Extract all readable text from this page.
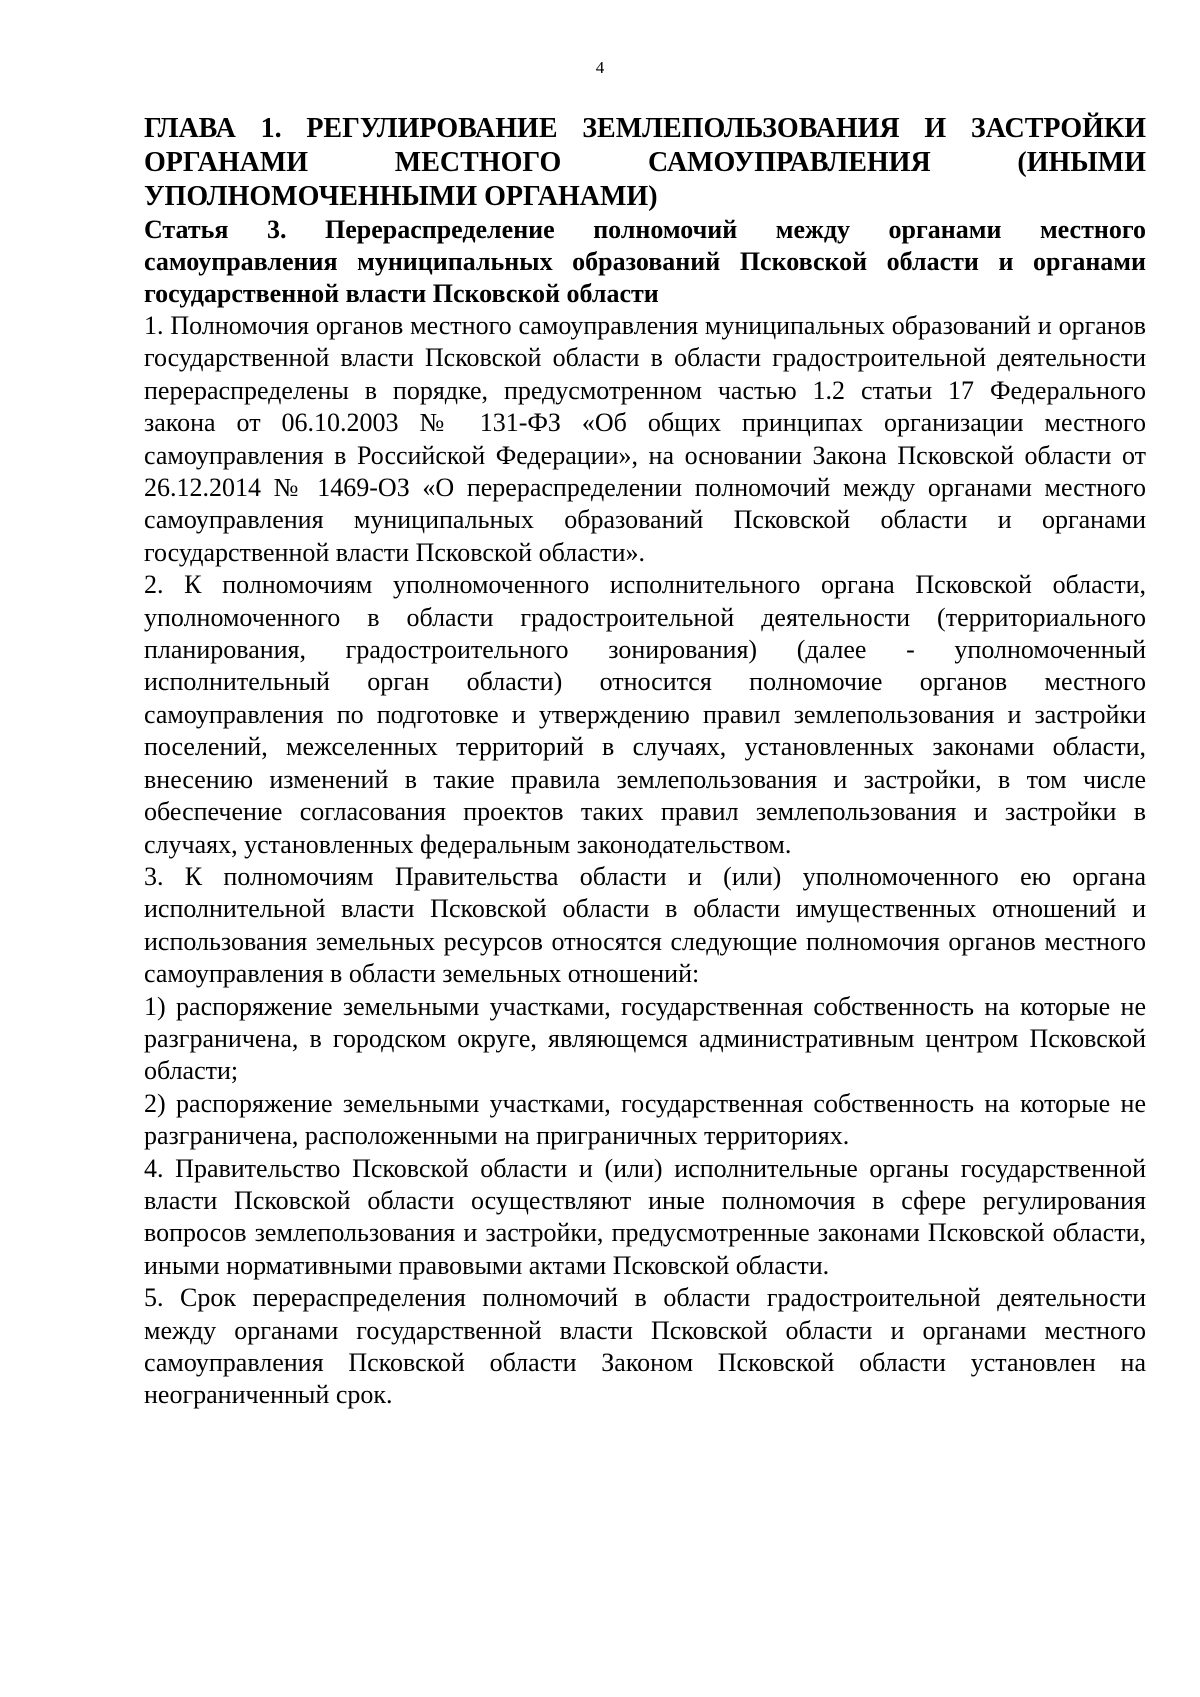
4

ГЛАВА 1. РЕГУЛИРОВАНИЕ ЗЕМЛЕПОЛЬЗОВАНИЯ И ЗАСТРОЙКИ ОРГАНАМИ МЕСТНОГО САМОУПРАВЛЕНИЯ (ИНЫМИ УПОЛНОМОЧЕННЫМИ ОРГАНАМИ)

Статья 3. Перераспределение полномочий между органами местного самоуправления муниципальных образований Псковской области и органами государственной власти Псковской области

1. Полномочия органов местного самоуправления муниципальных образований и органов государственной власти Псковской области в области градостроительной деятельности перераспределены в порядке, предусмотренном частью 1.2 статьи 17 Федерального закона от 06.10.2003 № 131-ФЗ «Об общих принципах организации местного самоуправления в Российской Федерации», на основании Закона Псковской области от 26.12.2014 № 1469-ОЗ «О перераспределении полномочий между органами местного самоуправления муниципальных образований Псковской области и органами государственной власти Псковской области».

2. К полномочиям уполномоченного исполнительного органа Псковской области, уполномоченного в области градостроительной деятельности (территориального планирования, градостроительного зонирования) (далее - уполномоченный исполнительный орган области) относится полномочие органов местного самоуправления по подготовке и утверждению правил землепользования и застройки поселений, межселенных территорий в случаях, установленных законами области, внесению изменений в такие правила землепользования и застройки, в том числе обеспечение согласования проектов таких правил землепользования и застройки в случаях, установленных федеральным законодательством.

3. К полномочиям Правительства области и (или) уполномоченного ею органа исполнительной власти Псковской области в области имущественных отношений и использования земельных ресурсов относятся следующие полномочия органов местного самоуправления в области земельных отношений:

1) распоряжение земельными участками, государственная собственность на которые не разграничена, в городском округе, являющемся административным центром Псковской области;

2) распоряжение земельными участками, государственная собственность на которые не разграничена, расположенными на приграничных территориях.

4. Правительство Псковской области и (или) исполнительные органы государственной власти Псковской области осуществляют иные полномочия в сфере регулирования вопросов землепользования и застройки, предусмотренные законами Псковской области, иными нормативными правовыми актами Псковской области.

5. Срок перераспределения полномочий в области градостроительной деятельности между органами государственной власти Псковской области и органами местного самоуправления Псковской области Законом Псковской области установлен на неограниченный срок.
